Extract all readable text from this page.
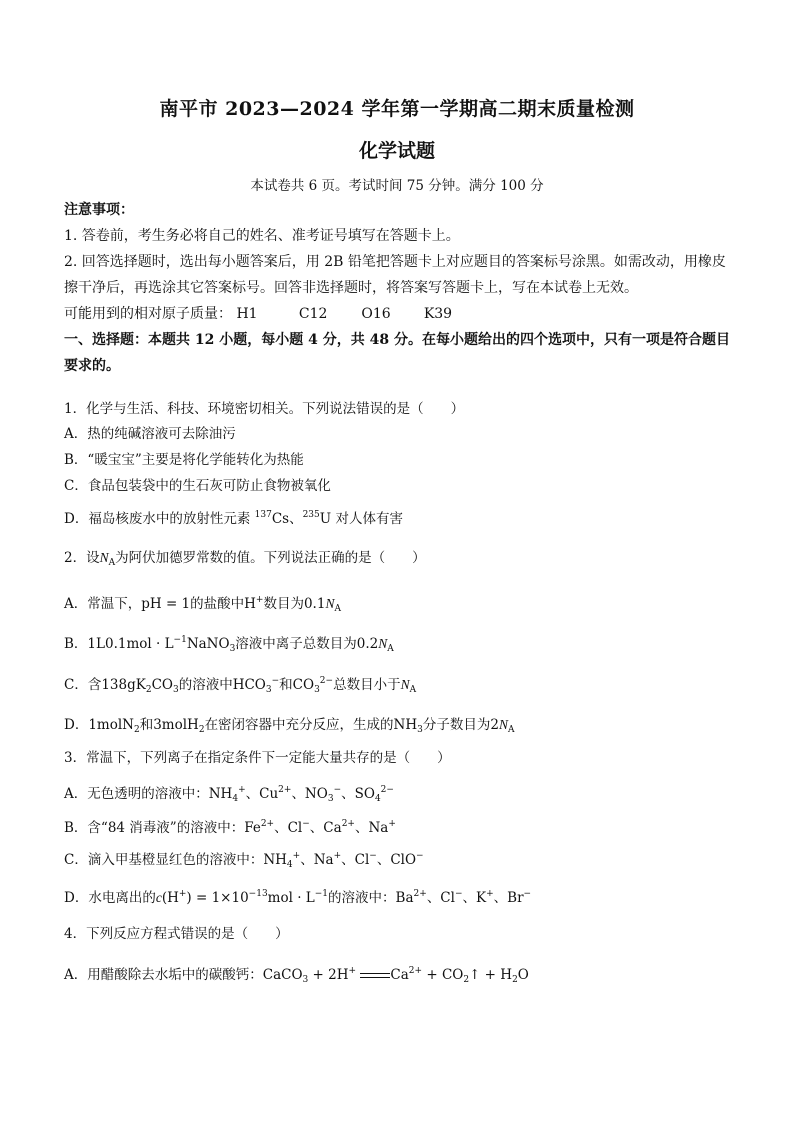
南平市 2023—2024 学年第一学期高二期末质量检测
化学试题
本试卷共 6 页。考试时间 75 分钟。满分 100 分
注意事项：
1. 答卷前，考生务必将自己的姓名、准考证号填写在答题卡上。
2. 回答选择题时，选出每小题答案后，用 2B 铅笔把答题卡上对应题目的答案标号涂黑。如需改动，用橡皮擦干净后，再选涂其它答案标号。回答非选择题时，将答案写答题卡上，写在本试卷上无效。
可能用到的相对原子质量： H1	C12 O16 K39
一、选择题：本题共 12 小题，每小题 4 分，共 48 分。在每小题给出的四个选项中，只有一项是符合题目要求的。
1．化学与生活、科技、环境密切相关。下列说法错误的是（　　）
A．热的纯碱溶液可去除油污
B．“暖宝宝”主要是将化学能转化为热能
C．食品包装袋中的生石灰可防止食物被氧化
D．福岛核废水中的放射性元素 $^{137}$Cs、$^{235}$U 对人体有害
2．设$N_A$为阿伏加德罗常数的值。下列说法正确的是（　　）
A．常温下，pH = 1的盐酸中H+数目为$0.1N_A$
B．$1L0.1mol \cdot L^{-1}NaNO_3$溶液中离子总数目为$0.2N_A$
C．含$138gK_2CO_3$的溶液中$HCO_3^-$和$CO_3^{2-}$总数目小于$N_A$
D．1molN$_2$和3molH$_2$在密闭容器中充分反应，生成的$NH_3$分子数目为$2N_A$
3．常温下，下列离子在指定条件下一定能大量共存的是（　　）
A．无色透明的溶液中：$NH_4^+$、$Cu^{2+}$、$NO_3^-$、$SO_4^{2-}$
B．含“84 消毒液”的溶液中：$Fe^{2+}$、Cl−、$Ca^{2+}$、Na+
C．滴入甲基橙显红色的溶液中：$NH_4^+$、Na+、Cl−、ClO−
D．水电离出的$c(H^+) = 1\times 10^{-13}mol \cdot L^{-1}$的溶液中：$Ba^{2+}$、Cl−、K+、Br−
4．下列反应方程式错误的是（　　）
A．用醋酸除去水垢中的碳酸钙：CaCO$_3$ + 2H+	$Ca^{2+}$ + $CO_2↑ + H_2O$
